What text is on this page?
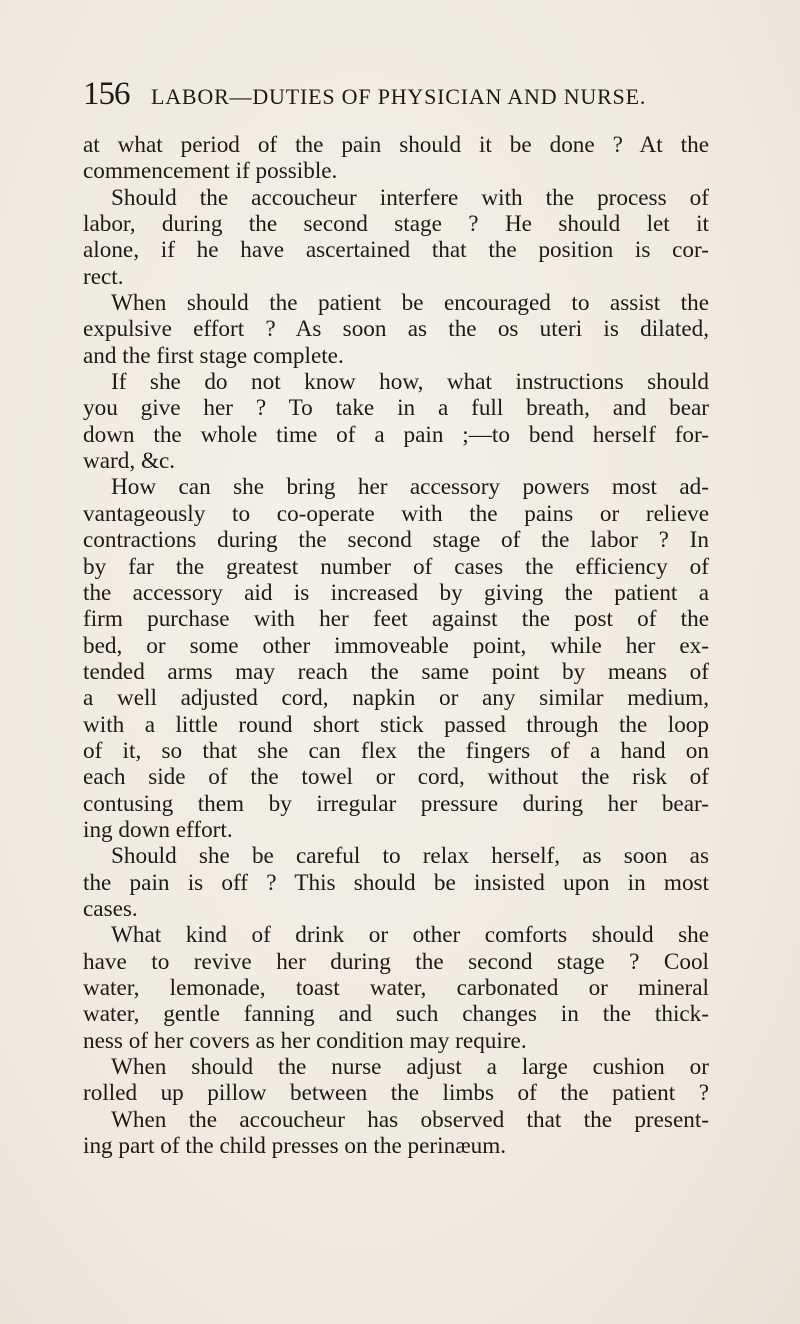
156 LABOR—DUTIES OF PHYSICIAN AND NURSE.
at what period of the pain should it be done ? At the
commencement if possible.
Should the accoucheur interfere with the process of
labor, during the second stage ? He should let it
alone, if he have ascertained that the position is cor-
rect.
When should the patient be encouraged to assist the
expulsive effort ? As soon as the os uteri is dilated,
and the first stage complete.
If she do not know how, what instructions should
you give her ? To take in a full breath, and bear
down the whole time of a pain ;—to bend herself for-
ward, &c.
How can she bring her accessory powers most ad-
vantageously to co-operate with the pains or relieve
contractions during the second stage of the labor ? In
by far the greatest number of cases the efficiency of
the accessory aid is increased by giving the patient a
firm purchase with her feet against the post of the
bed, or some other immoveable point, while her ex-
tended arms may reach the same point by means of
a well adjusted cord, napkin or any similar medium,
with a little round short stick passed through the loop
of it, so that she can flex the fingers of a hand on
each side of the towel or cord, without the risk of
contusing them by irregular pressure during her bear-
ing down effort.
Should she be careful to relax herself, as soon as
the pain is off ? This should be insisted upon in most
cases.
What kind of drink or other comforts should she
have to revive her during the second stage ? Cool
water, lemonade, toast water, carbonated or mineral
water, gentle fanning and such changes in the thick-
ness of her covers as her condition may require.
When should the nurse adjust a large cushion or
rolled up pillow between the limbs of the patient ?
When the accoucheur has observed that the present-
ing part of the child presses on the perinæum.
